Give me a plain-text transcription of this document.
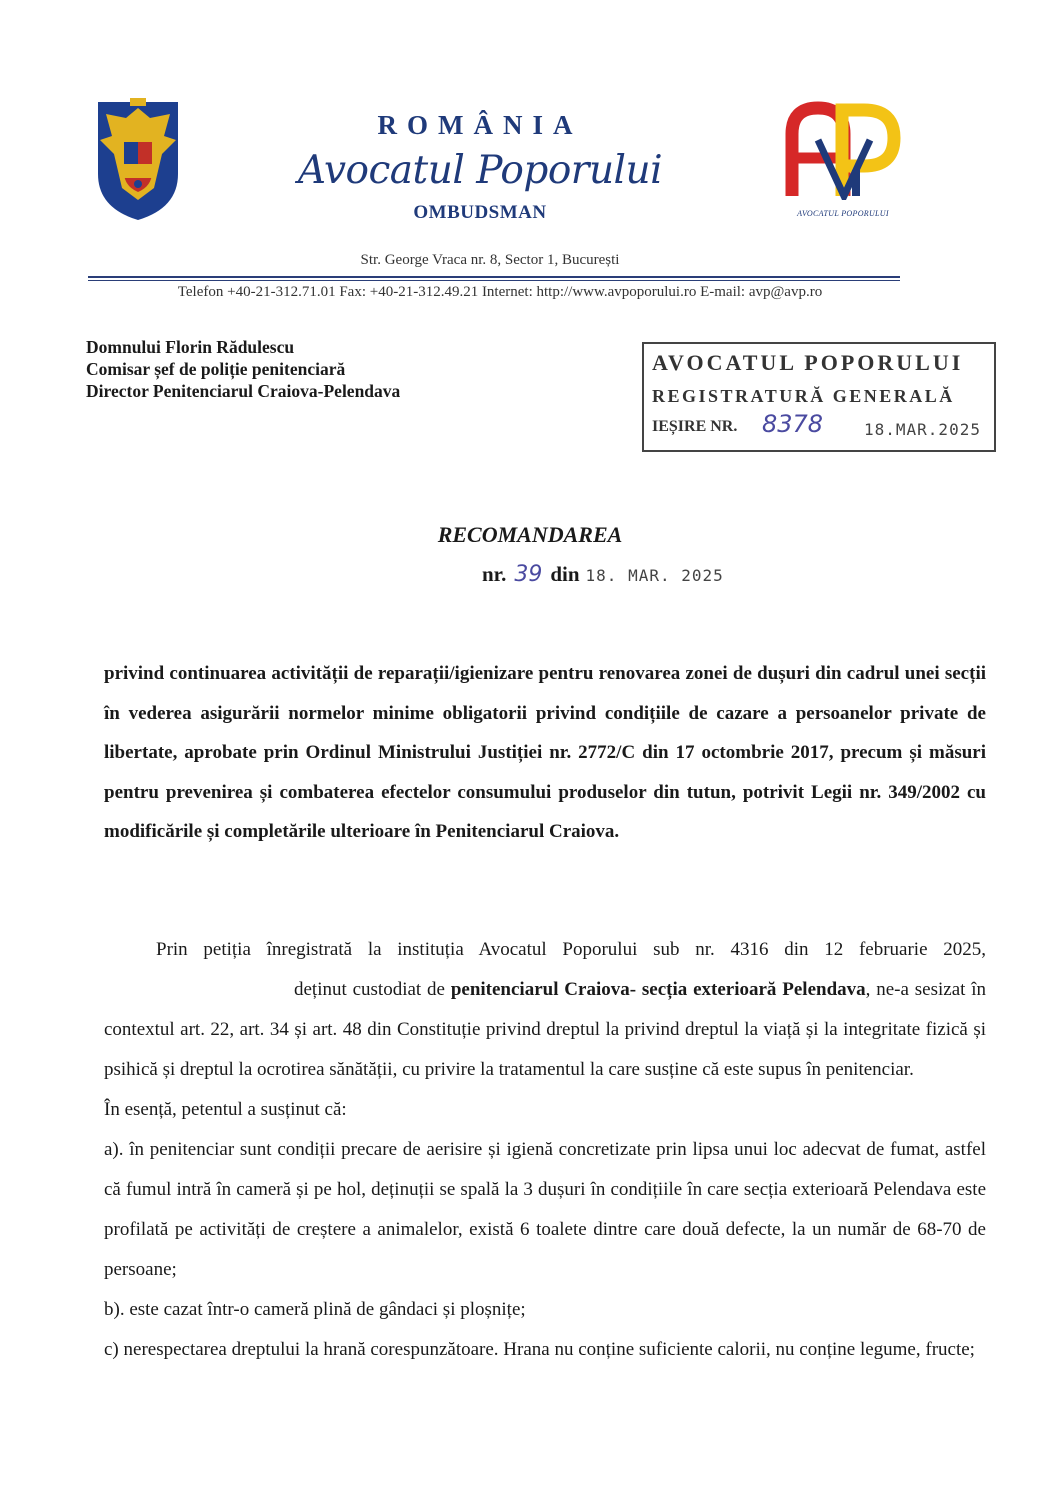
ROMÂNIA
Avocatul Poporului
OMBUDSMAN	AVOCATUL POPORULUI
Str. George Vraca nr. 8, Sector 1, București
Telefon +40-21-312.71.01 Fax: +40-21-312.49.21 Internet: http://www.avpoporului.ro E-mail: avp@avp.ro
Domnului Florin Rădulescu
Comisar șef de poliție penitenciară
Director Penitenciarul Craiova-Pelendava
AVOCATUL POPORULUI
REGISTRATURĂ GENERALĂ
IEȘIRE NR. 8378	18.MAR.2025
RECOMANDAREA
nr. 39 din 18. MAR. 2025
privind continuarea activității de reparații/igienizare pentru renovarea zonei de dușuri din cadrul unei secții în vederea asigurării normelor minime obligatorii privind condițiile de cazare a persoanelor private de libertate, aprobate prin Ordinul Ministrului Justiției nr. 2772/C din 17 octombrie 2017, precum și măsuri pentru prevenirea și combaterea efectelor consumului produselor din tutun, potrivit Legii nr. 349/2002 cu modificările și completările ulterioare în Penitenciarul Craiova.

Prin petiția înregistrată la instituția Avocatul Poporului sub nr. 4316 din 12 februarie 2025,deținut custodiat de penitenciarul Craiova- secția exterioară Pelendava, ne-a sesizat în contextul art. 22, art. 34 și art. 48 din Constituție privind dreptul la privind dreptul la viață și la integritate fizică și psihică și dreptul la ocrotirea sănătății, cu privire la tratamentul la care susține că este supus în penitenciar.

În esență, petentul a susținut că:

a). în penitenciar sunt condiții precare de aerisire și igienă concretizate prin lipsa unui loc adecvat de fumat, astfel că fumul intră în cameră și pe hol, deținuții se spală la 3 dușuri în condițiile în care secția exterioară Pelendava este profilată pe activități de creștere a animalelor, există 6 toalete dintre care două defecte, la un număr de 68-70 de persoane;

b). este cazat într-o cameră plină de gândaci și ploșnițe;

c) nerespectarea dreptului la hrană corespunzătoare. Hrana nu conține suficiente calorii, nu conține legume, fructe;
